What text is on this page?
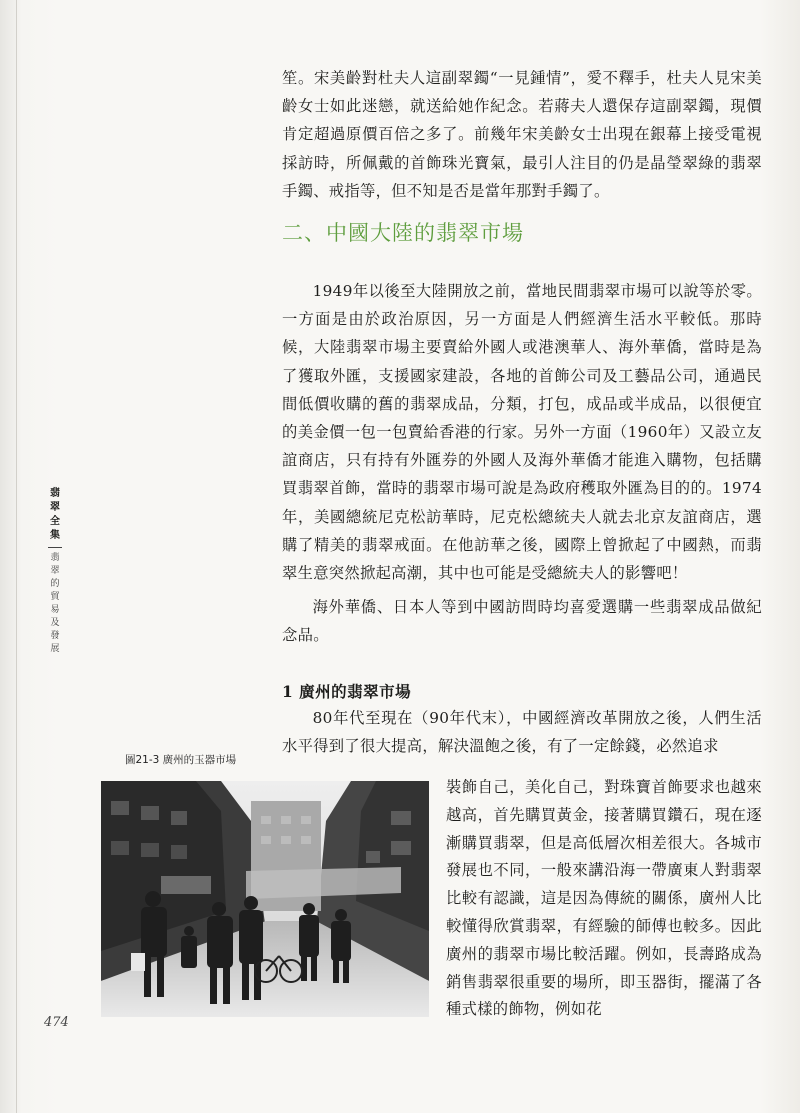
笙。宋美齡對杜夫人這副翠鐲“一見鍾情”，愛不釋手，杜夫人見宋美齡女士如此迷戀，就送給她作紀念。若蔣夫人還保存這副翠鐲，現價肯定超過原價百倍之多了。前幾年宋美齡女士出現在銀幕上接受電視採訪時，所佩戴的首飾珠光寶氣，最引人注目的仍是晶瑩翠綠的翡翠手鐲、戒指等，但不知是否是當年那對手鐲了。

二、中國大陸的翡翠市場

1949年以後至大陸開放之前，當地民間翡翠市場可以說等於零。一方面是由於政治原因，另一方面是人們經濟生活水平較低。那時候，大陸翡翠市場主要賣給外國人或港澳華人、海外華僑，當時是為了獲取外匯，支援國家建設，各地的首飾公司及工藝品公司，通過民間低價收購的舊的翡翠成品，分類，打包，成品或半成品，以很便宜的美金價一包一包賣給香港的行家。另外一方面（1960年）又設立友誼商店，只有持有外匯券的外國人及海外華僑才能進入購物，包括購買翡翠首飾，當時的翡翠市場可說是為政府穫取外匯為目的的。1974年，美國總統尼克松訪華時，尼克松總統夫人就去北京友誼商店，選購了精美的翡翠戒面。在他訪華之後，國際上曾掀起了中國熱，而翡翠生意突然掀起高潮，其中也可能是受總統夫人的影響吧！

海外華僑、日本人等到中國訪問時均喜愛選購一些翡翠成品做紀念品。

1 廣州的翡翠市場

80年代至現在（90年代末），中國經濟改革開放之後，人們生活水平得到了很大提高，解決溫飽之後，有了一定餘錢，必然追求

裝飾自己，美化自己，對珠寶首飾要求也越來越高，首先購買黃金，接著購買鑽石，現在逐漸購買翡翠，但是高低層次相差很大。各城市發展也不同，一般來講沿海一帶廣東人對翡翠比較有認識，這是因為傳統的關係，廣州人比較懂得欣賞翡翠，有經驗的師傅也較多。因此廣州的翡翠市場比較活躍。例如，長壽路成為銷售翡翠很重要的場所，即玉器街，擺滿了各種式樣的飾物，例如花

翡翠全集
翡翠的貿易及發展

圖21-3 廣州的玉器市場

474
